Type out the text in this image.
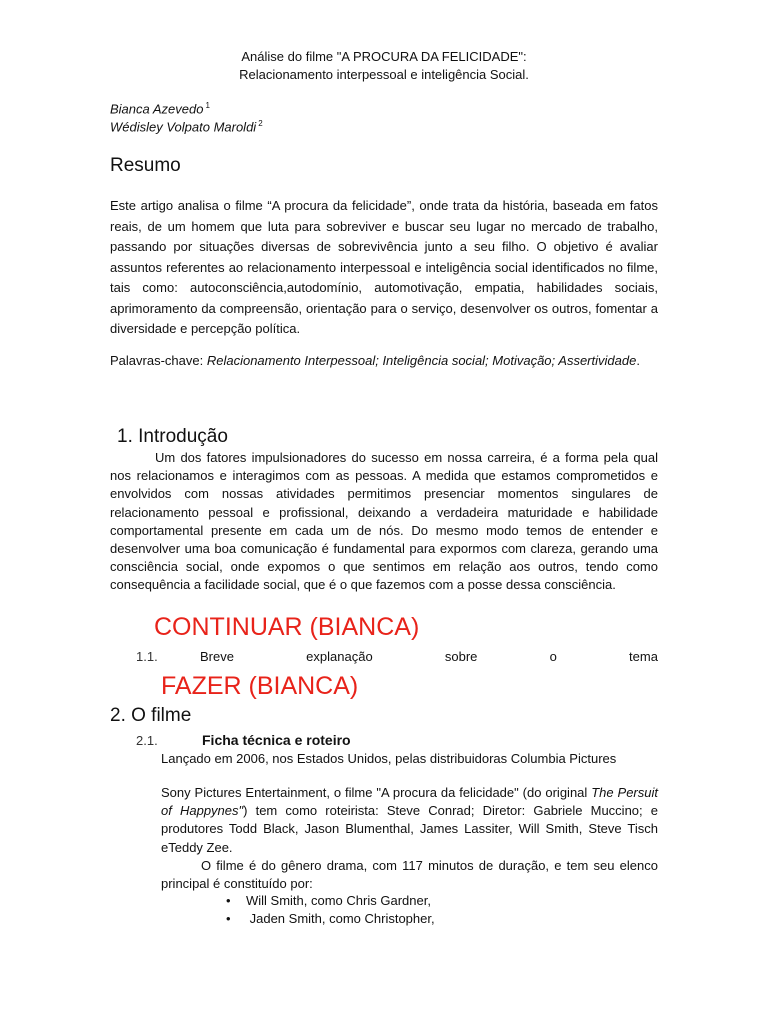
Análise do filme "A PROCURA DA FELICIDADE":
Relacionamento interpessoal e inteligência Social.
Bianca Azevedo $^1$
Wédisley Volpato Maroldi $^2$
Resumo
Este artigo analisa o filme “A procura da felicidade”, onde trata da história, baseada em fatos reais, de um homem que luta para sobreviver e buscar seu lugar no mercado de trabalho, passando por situações diversas de sobrevivência junto a seu filho. O objetivo é avaliar assuntos referentes ao relacionamento interpessoal e inteligência social identificados no filme, tais como: autoconsciência,autodomínio, automotivação, empatia, habilidades sociais, aprimoramento da compreensão, orientação para o serviço, desenvolver os outros, fomentar a diversidade e percepção política.
Palavras-chave: Relacionamento Interpessoal; Inteligência social; Motivação; Assertividade.
1. Introdução
Um dos fatores impulsionadores do sucesso em nossa carreira, é a forma pela qual nos relacionamos e interagimos com as pessoas. A medida que estamos comprometidos e envolvidos com nossas atividades permitimos presenciar momentos singulares de relacionamento pessoal e profissional, deixando a verdadeira maturidade e habilidade comportamental presente em cada um de nós. Do mesmo modo temos de entender e desenvolver uma boa comunicação é fundamental para expormos com clareza, gerando uma consciência social, onde expomos o que sentimos em relação aos outros, tendo como consequência a facilidade social, que é o que fazemos com a posse dessa consciência.
CONTINUAR (BIANCA)
1.1.	Breve	explanação	sobre	o	tema
FAZER (BIANCA)
2. O filme
2.1.	Ficha técnica e roteiro
Lançado em 2006, nos Estados Unidos, pelas distribuidoras Columbia Pictures
Sony Pictures Entertainment, o filme "A procura da felicidade" (do original The Persuit of Happynes") tem como roteirista: Steve Conrad; Diretor: Gabriele Muccino; e produtores Todd Black, Jason Blumenthal, James Lassiter, Will Smith, Steve Tisch eTeddy Zee.
O filme é do gênero drama, com 117 minutos de duração, e tem seu elenco principal é constituído por:
• Will Smith, como Chris Gardner,
• Jaden Smith, como Christopher,
